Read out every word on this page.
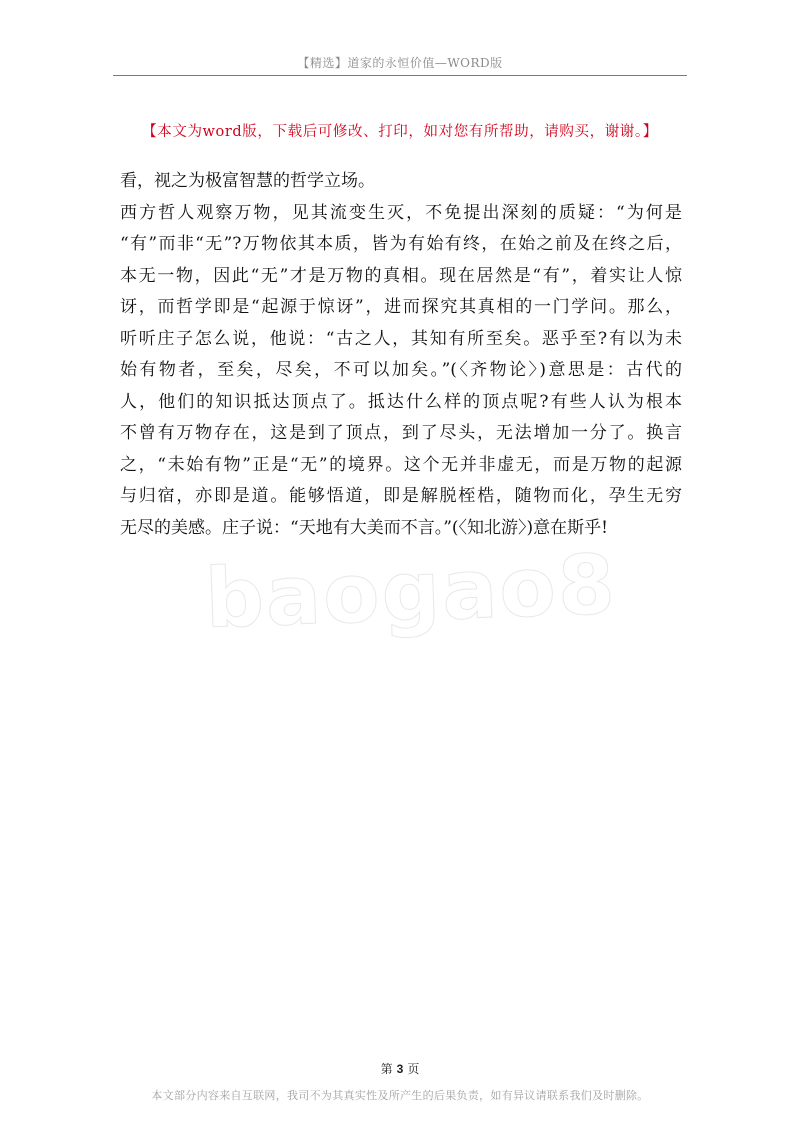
【精选】道家的永恒价值—WORD版
【本文为word版，下载后可修改、打印，如对您有所帮助，请购买，谢谢。】
看，视之为极富智慧的哲学立场。
西方哲人观察万物，见其流变生灭，不免提出深刻的质疑：“为何是
“有”而非“无”?万物依其本质，皆为有始有终，在始之前及在终之后，
本无一物，因此“无”才是万物的真相。现在居然是“有”，着实让人惊
讶，而哲学即是“起源于惊讶”，进而探究其真相的一门学问。那么，
听听庄子怎么说，他说：“古之人，其知有所至矣。恶乎至?有以为未
始有物者，至矣，尽矣，不可以加矣。”(〈齐物论〉)意思是：古代的
人，他们的知识抵达顶点了。抵达什么样的顶点呢?有些人认为根本
不曾有万物存在，这是到了顶点，到了尽头，无法增加一分了。换言
之，“未始有物”正是“无”的境界。这个无并非虚无，而是万物的起源
与归宿，亦即是道。能够悟道，即是解脱桎梏，随物而化，孕生无穷
无尽的美感。庄子说：“天地有大美而不言。”(〈知北游〉)意在斯乎!
baogao8
第 3 页
本文部分内容来自互联网，我司不为其真实性及所产生的后果负责，如有异议请联系我们及时删除。
